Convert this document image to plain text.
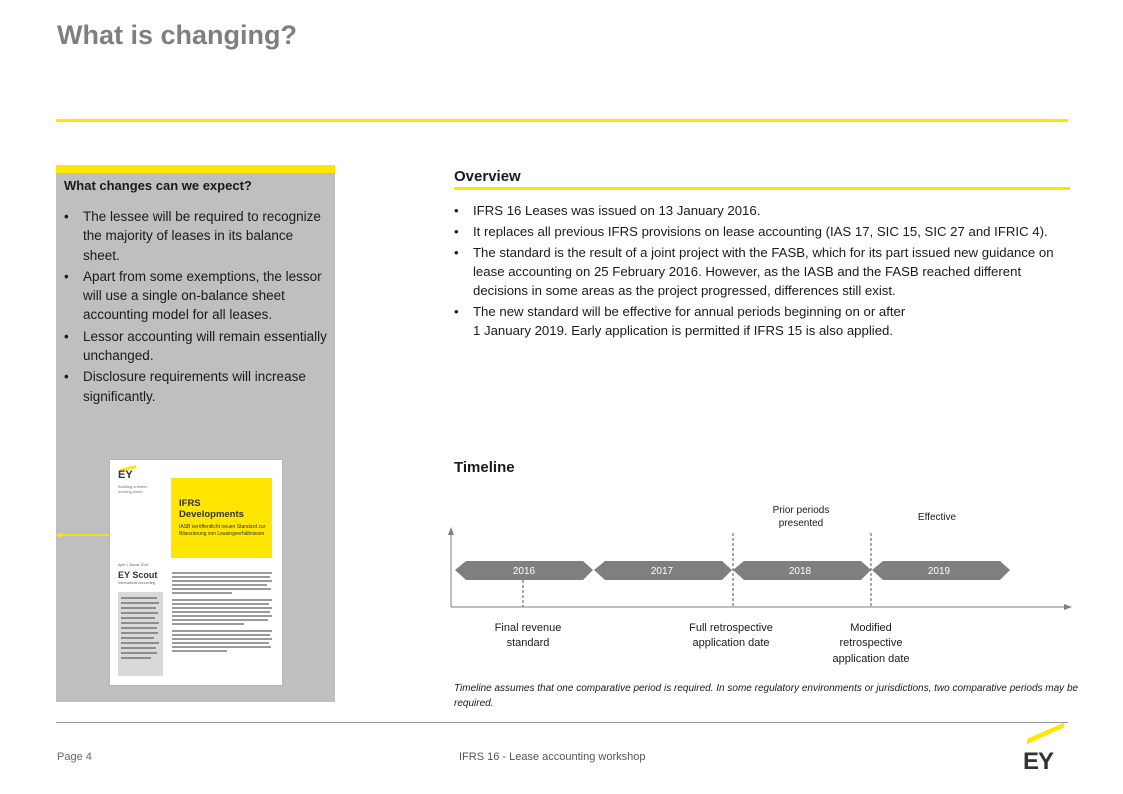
What is changing?
What changes can we expect?
• The lessee will be required to recognize the majority of leases in its balance sheet.
• Apart from some exemptions, the lessor
will use a single on-balance sheet accounting model for all leases.
• Lessor accounting will remain essentially unchanged.
• Disclosure requirements will increase significantly.
EY
Building a better working world
IFRS Developments
IASB veröffentlicht neuen Standard zur Bilanzierung von Leasingverhältnissen
April 1 Januar 2016
EY Scout
International Accounting
Overview
• IFRS 16 Leases was issued on 13 January 2016.
• It replaces all previous IFRS provisions on lease accounting (IAS 17, SIC 15, SIC 27 and IFRIC 4).
• The standard is the result of a joint project with the FASB, which for its part issued new guidance on lease accounting on 25 February 2016. However, as the IASB and the FASB reached different decisions in some areas as the project progressed, differences still exist.
• The new standard will be effective for annual periods beginning on or after
1 January 2019. Early application is permitted if IFRS 15 is also applied.
Timeline
2016	2017	2018	2019
Prior periods
presented
Effective
Final revenue
standard
Full retrospective
application date
Modified
retrospective
application date
Timeline assumes that one comparative period is required. In some regulatory environments or jurisdictions, two comparative periods may be required.
Page 4	IFRS 16 - Lease accounting workshop	EY
